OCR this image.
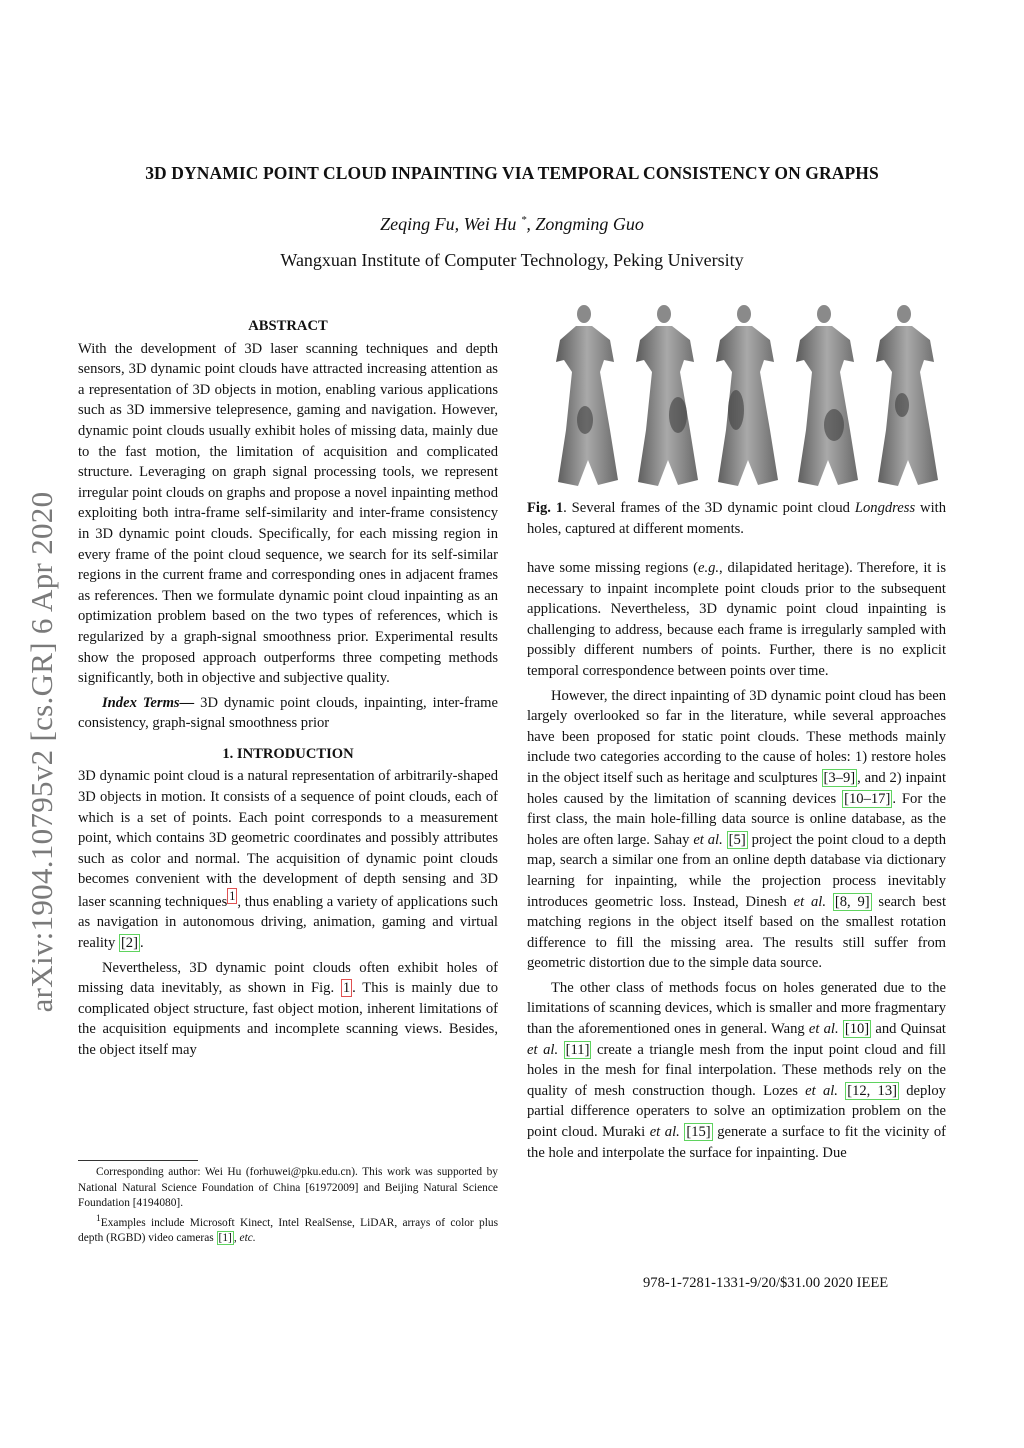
arXiv:1904.10795v2 [cs.GR] 6 Apr 2020
3D DYNAMIC POINT CLOUD INPAINTING VIA TEMPORAL CONSISTENCY ON GRAPHS
Zeqing Fu, Wei Hu *, Zongming Guo
Wangxuan Institute of Computer Technology, Peking University
ABSTRACT

With the development of 3D laser scanning techniques and depth sensors, 3D dynamic point clouds have attracted increasing attention as a representation of 3D objects in motion, enabling various applications such as 3D immersive telepresence, gaming and navigation. However, dynamic point clouds usually exhibit holes of missing data, mainly due to the fast motion, the limitation of acquisition and complicated structure. Leveraging on graph signal processing tools, we represent irregular point clouds on graphs and propose a novel inpainting method exploiting both intra-frame self-similarity and inter-frame consistency in 3D dynamic point clouds. Specifically, for each missing region in every frame of the point cloud sequence, we search for its self-similar regions in the current frame and corresponding ones in adjacent frames as references. Then we formulate dynamic point cloud inpainting as an optimization problem based on the two types of references, which is regularized by a graph-signal smoothness prior. Experimental results show the proposed approach outperforms three competing methods significantly, both in objective and subjective quality.

Index Terms— 3D dynamic point clouds, inpainting, inter-frame consistency, graph-signal smoothness prior

1. INTRODUCTION

3D dynamic point cloud is a natural representation of arbitrarily-shaped 3D objects in motion. It consists of a sequence of point clouds, each of which is a set of points. Each point corresponds to a measurement point, which contains 3D geometric coordinates and possibly attributes such as color and normal. The acquisition of dynamic point clouds becomes convenient with the development of depth sensing and 3D laser scanning techniques $^1$ , thus enabling a variety of applications such as navigation in autonomous driving, animation, gaming and virtual reality [2] .

Nevertheless, 3D dynamic point clouds often exhibit holes of missing data inevitably, as shown in Fig. 1 . This is mainly due to complicated object structure, fast object motion, inherent limitations of the acquisition equipments and incomplete scanning views. Besides, the object itself may

Corresponding author: Wei Hu (forhuwei@pku.edu.cn). This work was supported by National Natural Science Foundation of China [61972009] and Beijing Natural Science Foundation [4194080].

$^1$Examples include Microsoft Kinect, Intel RealSense, LiDAR, arrays of color plus depth (RGBD) video cameras [1] , etc.

Fig. 1. Several frames of the 3D dynamic point cloud Longdress with holes, captured at different moments.

have some missing regions (e.g., dilapidated heritage). Therefore, it is necessary to inpaint incomplete point clouds prior to the subsequent applications. Nevertheless, 3D dynamic point cloud inpainting is challenging to address, because each frame is irregularly sampled with possibly different numbers of points. Further, there is no explicit temporal correspondence between points over time.

However, the direct inpainting of 3D dynamic point cloud has been largely overlooked so far in the literature, while several approaches have been proposed for static point clouds. These methods mainly include two categories according to the cause of holes: 1) restore holes in the object itself such as heritage and sculptures [3–9] , and 2) inpaint holes caused by the limitation of scanning devices [10–17] . For the first class, the main hole-filling data source is online database, as the holes are often large. Sahay et al. [5] project the point cloud to a depth map, search a similar one from an online depth database via dictionary learning for inpainting, while the projection process inevitably introduces geometric loss. Instead, Dinesh et al. [8, 9] search best matching regions in the object itself based on the smallest rotation difference to fill the missing area. The results still suffer from geometric distortion due to the simple data source.

The other class of methods focus on holes generated due to the limitations of scanning devices, which is smaller and more fragmentary than the aforementioned ones in general. Wang et al. [10] and Quinsat et al. [11] create a triangle mesh from the input point cloud and fill holes in the mesh for final interpolation. These methods rely on the quality of mesh construction though. Lozes et al. [12, 13] deploy partial difference operaters to solve an optimization problem on the point cloud. Muraki et al. [15] generate a surface to fit the vicinity of the hole and interpolate the surface for inpainting. Due

978-1-7281-1331-9/20/$31.00 2020 IEEE
